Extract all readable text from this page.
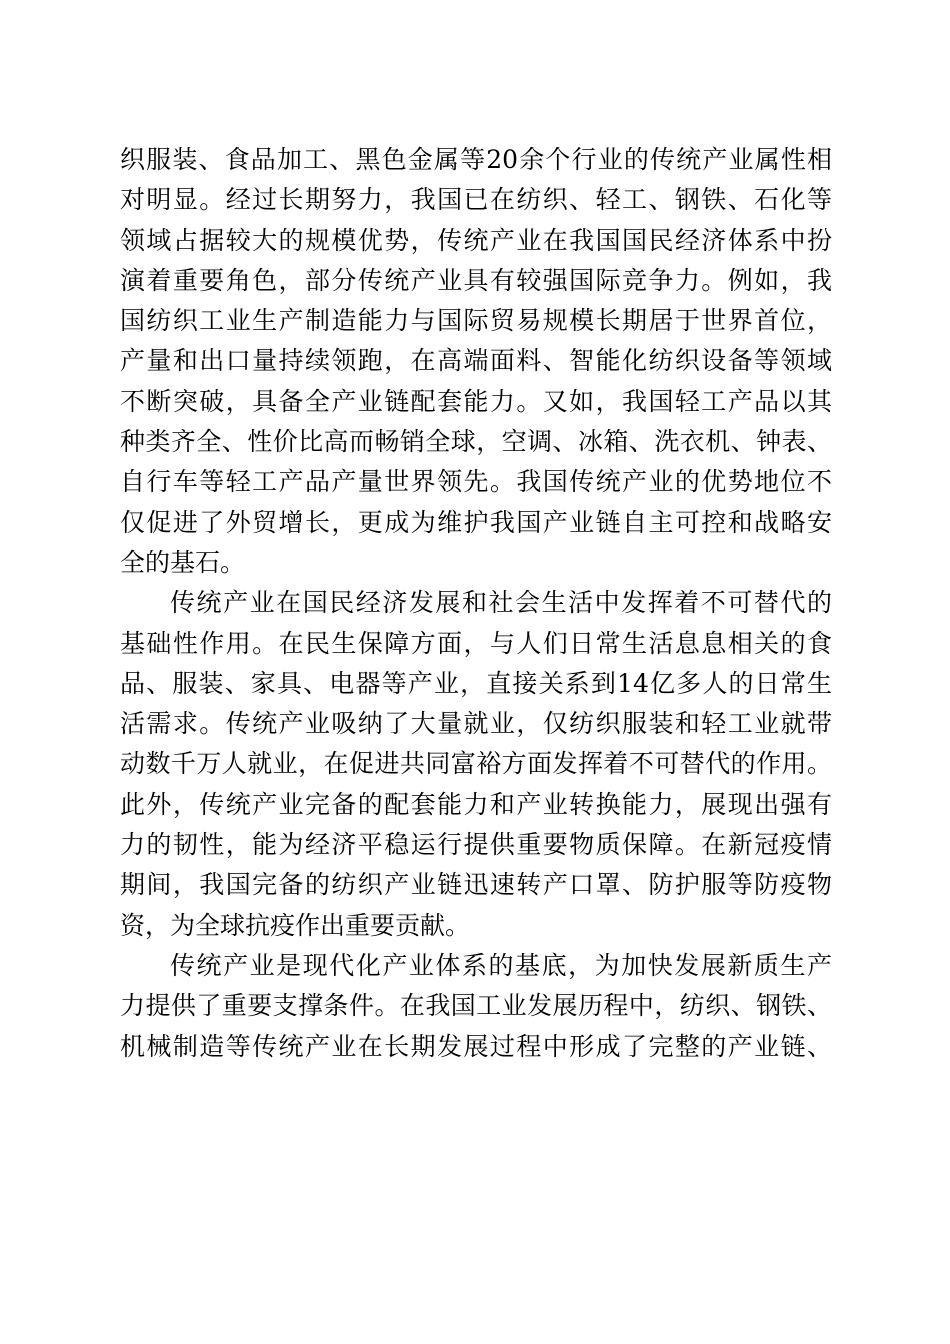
织服装、食品加工、黑色金属等20余个行业的传统产业属性相
对明显。经过长期努力，我国已在纺织、轻工、钢铁、石化等
领域占据较大的规模优势，传统产业在我国国民经济体系中扮
演着重要角色，部分传统产业具有较强国际竞争力。例如，我
国纺织工业生产制造能力与国际贸易规模长期居于世界首位，
产量和出口量持续领跑，在高端面料、智能化纺织设备等领域
不断突破，具备全产业链配套能力。又如，我国轻工产品以其
种类齐全、性价比高而畅销全球，空调、冰箱、洗衣机、钟表、
自行车等轻工产品产量世界领先。我国传统产业的优势地位不
仅促进了外贸增长，更成为维护我国产业链自主可控和战略安
全的基石。
传统产业在国民经济发展和社会生活中发挥着不可替代的
基础性作用。在民生保障方面，与人们日常生活息息相关的食
品、服装、家具、电器等产业，直接关系到14亿多人的日常生
活需求。传统产业吸纳了大量就业，仅纺织服装和轻工业就带
动数千万人就业，在促进共同富裕方面发挥着不可替代的作用。
此外，传统产业完备的配套能力和产业转换能力，展现出强有
力的韧性，能为经济平稳运行提供重要物质保障。在新冠疫情
期间，我国完备的纺织产业链迅速转产口罩、防护服等防疫物
资，为全球抗疫作出重要贡献。
传统产业是现代化产业体系的基底，为加快发展新质生产
力提供了重要支撑条件。在我国工业发展历程中，纺织、钢铁、
机械制造等传统产业在长期发展过程中形成了完整的产业链、
